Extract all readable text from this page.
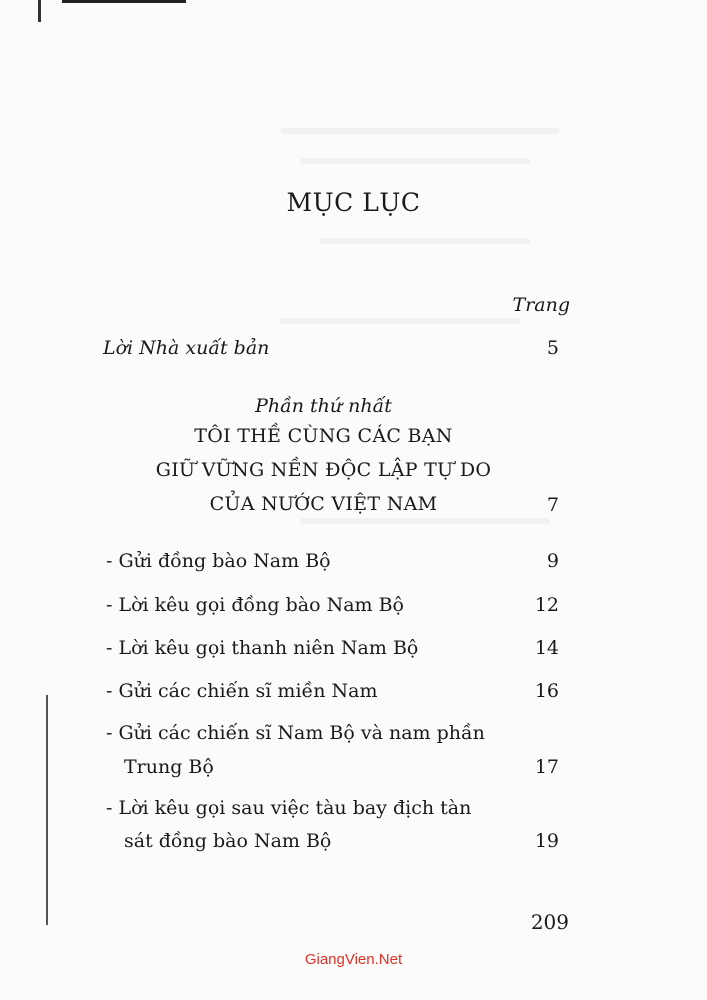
MỤC LỤC
Trang
Lời Nhà xuất bản	5
Phần thứ nhất
TÔI THỀ CÙNG CÁC BẠN
GIỮ VỮNG NỀN ĐỘC LẬP TỰ DO
CỦA NƯỚC VIỆT NAM	7
- Gửi đồng bào Nam Bộ	9
- Lời kêu gọi đồng bào Nam Bộ	12
- Lời kêu gọi thanh niên Nam Bộ	14
- Gửi các chiến sĩ miền Nam	16
- Gửi các chiến sĩ Nam Bộ và nam phần
Trung Bộ	17
- Lời kêu gọi sau việc tàu bay địch tàn
sát đồng bào Nam Bộ	19
209
GiangVien.Net
